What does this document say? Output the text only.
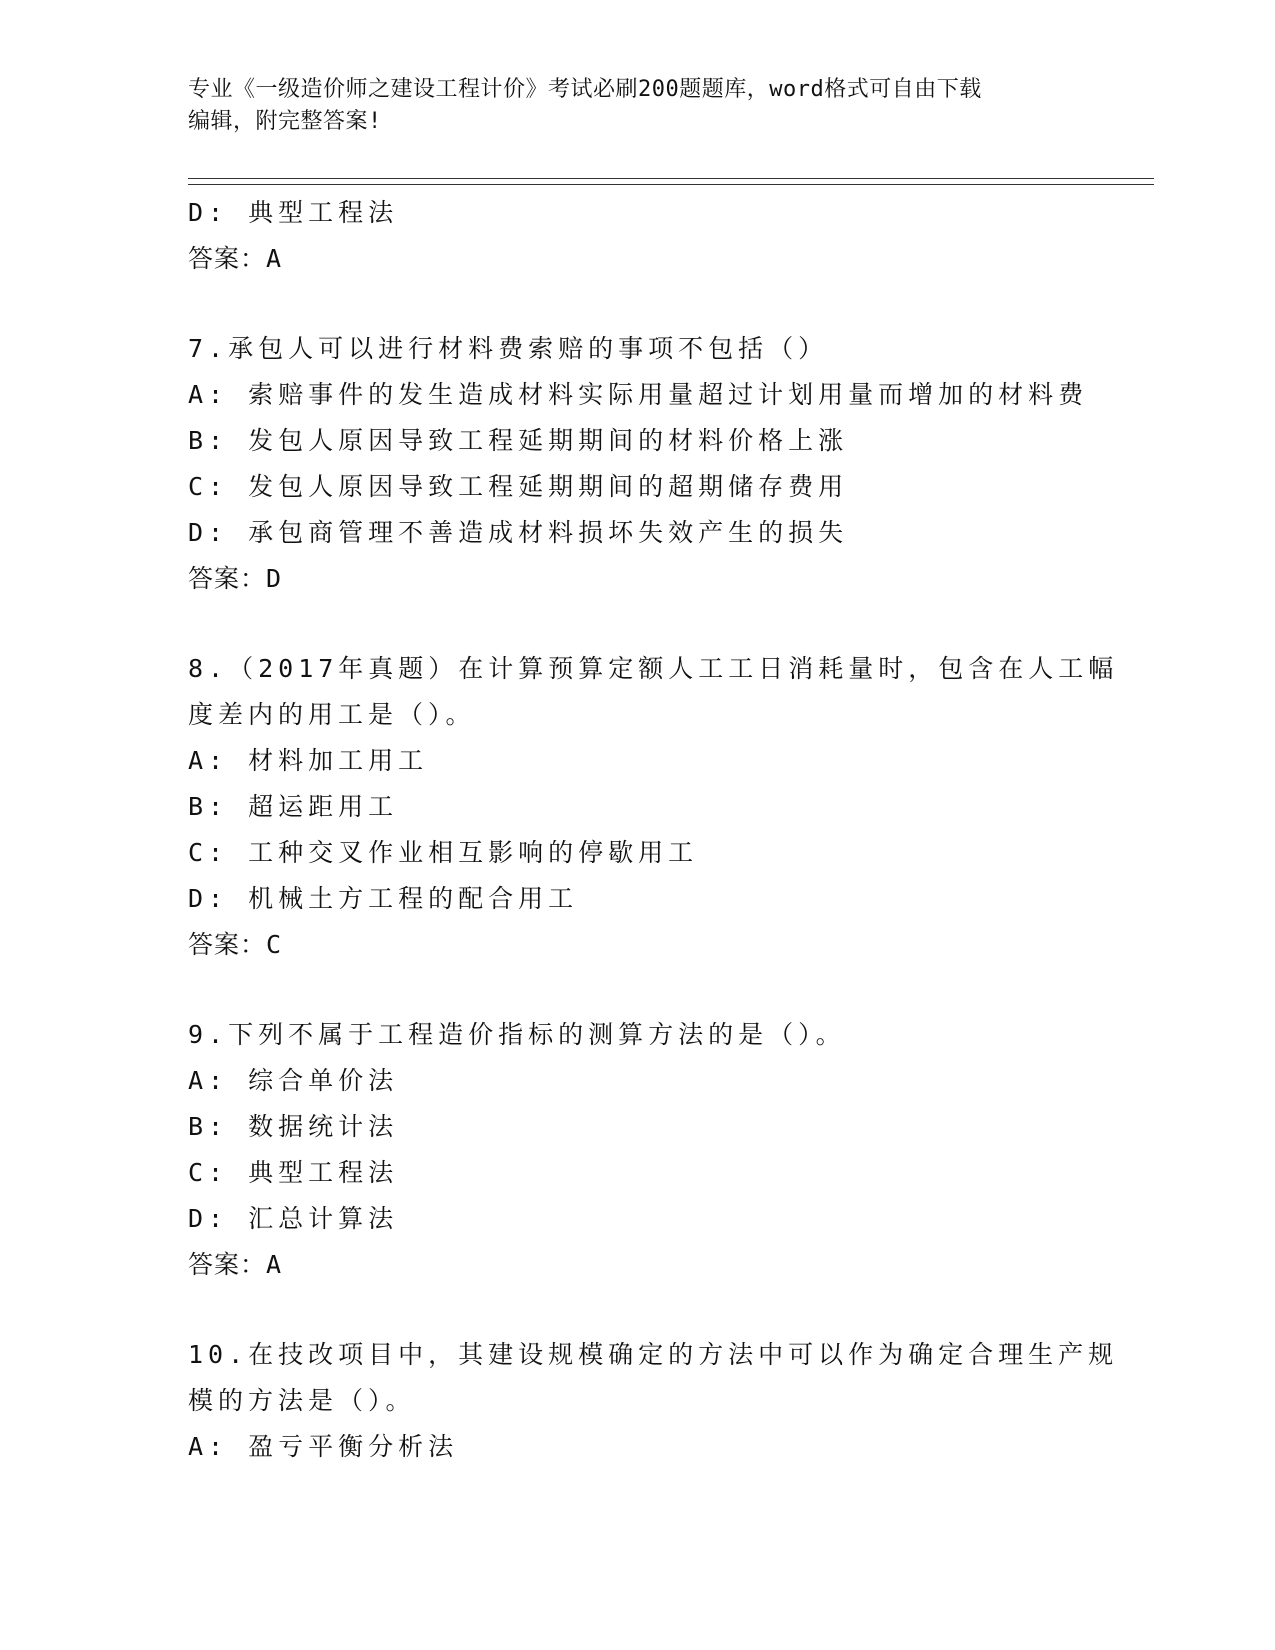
专业《一级造价师之建设工程计价》考试必刷200题题库，word格式可自由下载
编辑，附完整答案!
D: 典型工程法
答案：A
7.承包人可以进行材料费索赔的事项不包括（）
A: 索赔事件的发生造成材料实际用量超过计划用量而增加的材料费
B: 发包人原因导致工程延期期间的材料价格上涨
C: 发包人原因导致工程延期期间的超期储存费用
D: 承包商管理不善造成材料损坏失效产生的损失
答案：D
8.（2017年真题）在计算预算定额人工工日消耗量时，包含在人工幅
度差内的用工是（）。
A: 材料加工用工
B: 超运距用工
C: 工种交叉作业相互影响的停歇用工
D: 机械土方工程的配合用工
答案：C
9.下列不属于工程造价指标的测算方法的是（）。
A: 综合单价法
B: 数据统计法
C: 典型工程法
D: 汇总计算法
答案：A
10.在技改项目中，其建设规模确定的方法中可以作为确定合理生产规
模的方法是（）。
A: 盈亏平衡分析法
